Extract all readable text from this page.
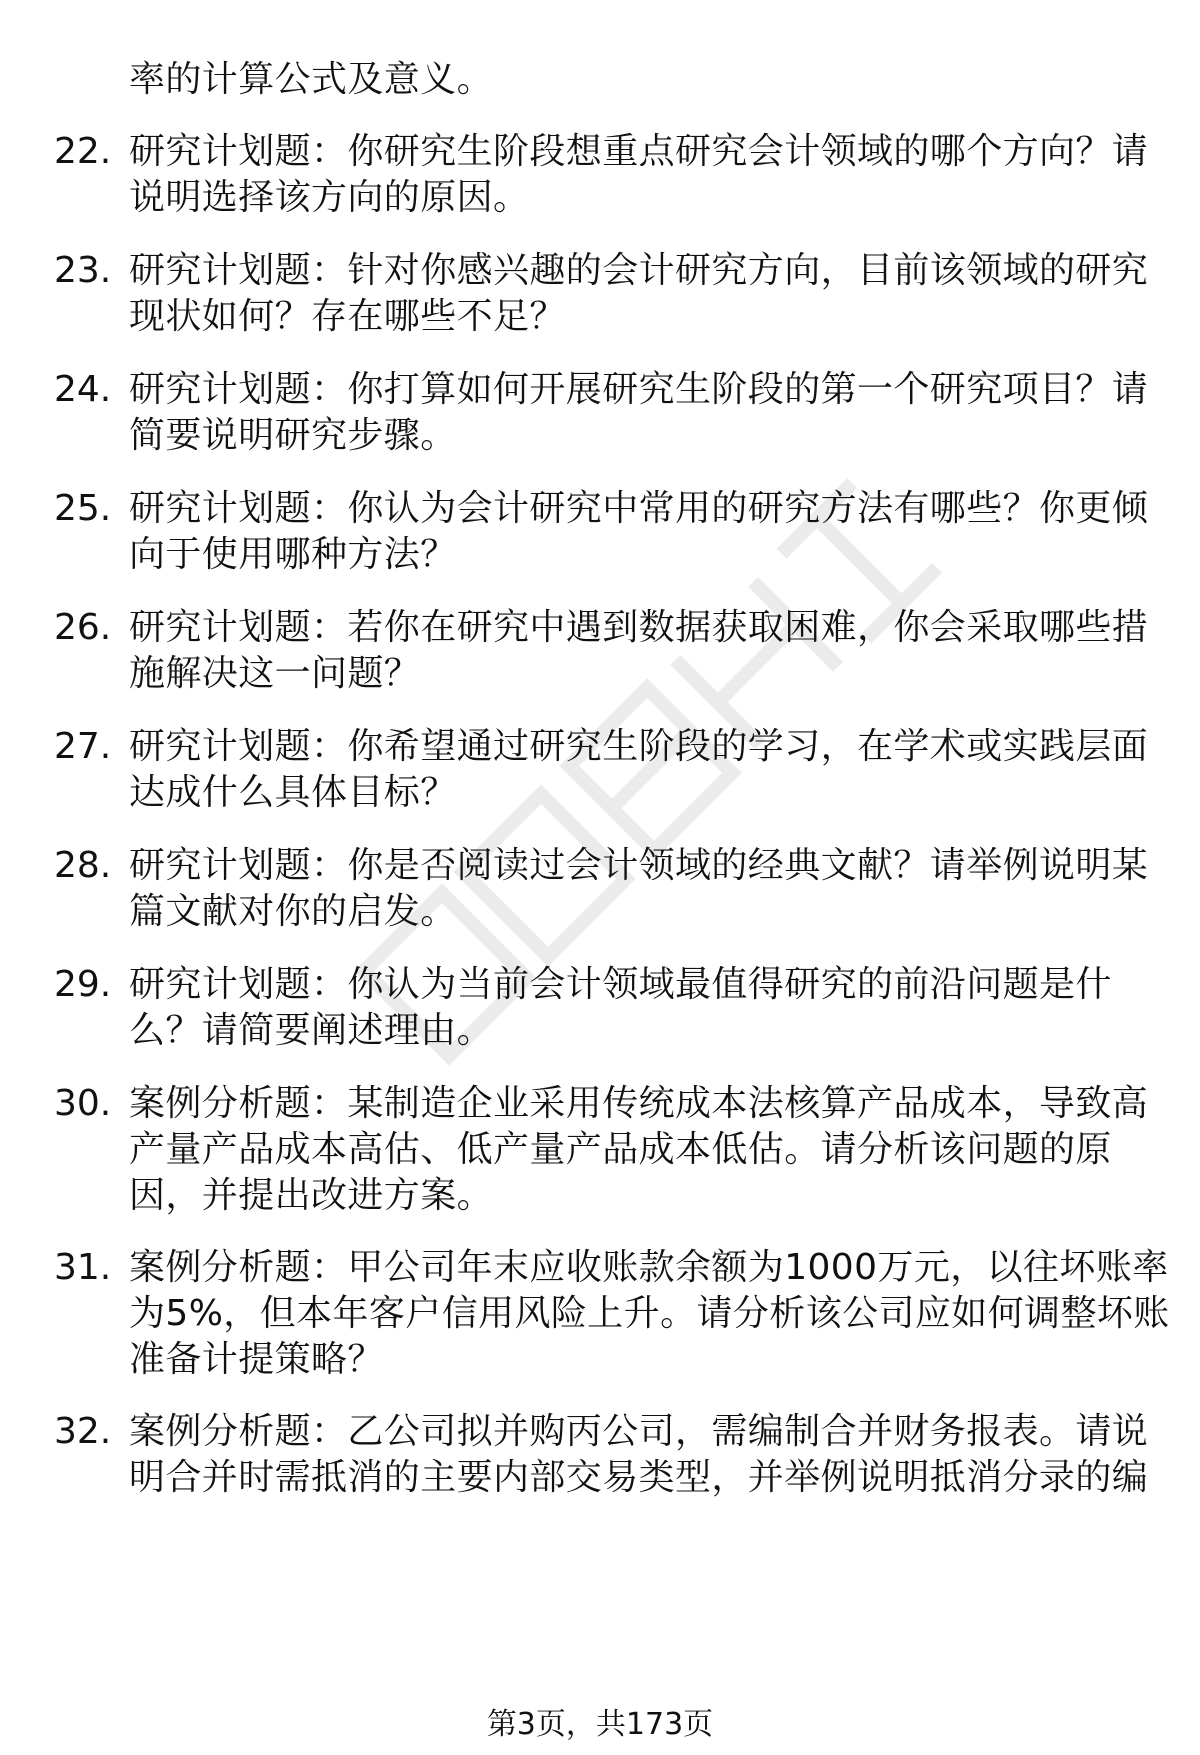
率的计算公式及意义。
22. 研究计划题：你研究生阶段想重点研究会计领域的哪个方向？请
说明选择该方向的原因。
23. 研究计划题：针对你感兴趣的会计研究方向，目前该领域的研究
现状如何？存在哪些不足？
24. 研究计划题：你打算如何开展研究生阶段的第一个研究项目？请
简要说明研究步骤。
25. 研究计划题：你认为会计研究中常用的研究方法有哪些？你更倾
向于使用哪种方法？
26. 研究计划题：若你在研究中遇到数据获取困难，你会采取哪些措
施解决这一问题？
27. 研究计划题：你希望通过研究生阶段的学习，在学术或实践层面
达成什么具体目标？
28. 研究计划题：你是否阅读过会计领域的经典文献？请举例说明某
篇文献对你的启发。
29. 研究计划题：你认为当前会计领域最值得研究的前沿问题是什
么？请简要阐述理由。
30. 案例分析题：某制造企业采用传统成本法核算产品成本，导致高
产量产品成本高估、低产量产品成本低估。请分析该问题的原
因，并提出改进方案。
31. 案例分析题：甲公司年末应收账款余额为1000万元，以往坏账率
为5%，但本年客户信用风险上升。请分析该公司应如何调整坏账
准备计提策略？
32. 案例分析题：乙公司拟并购丙公司，需编制合并财务报表。请说
明合并时需抵消的主要内部交易类型，并举例说明抵消分录的编
第3页，共173页
